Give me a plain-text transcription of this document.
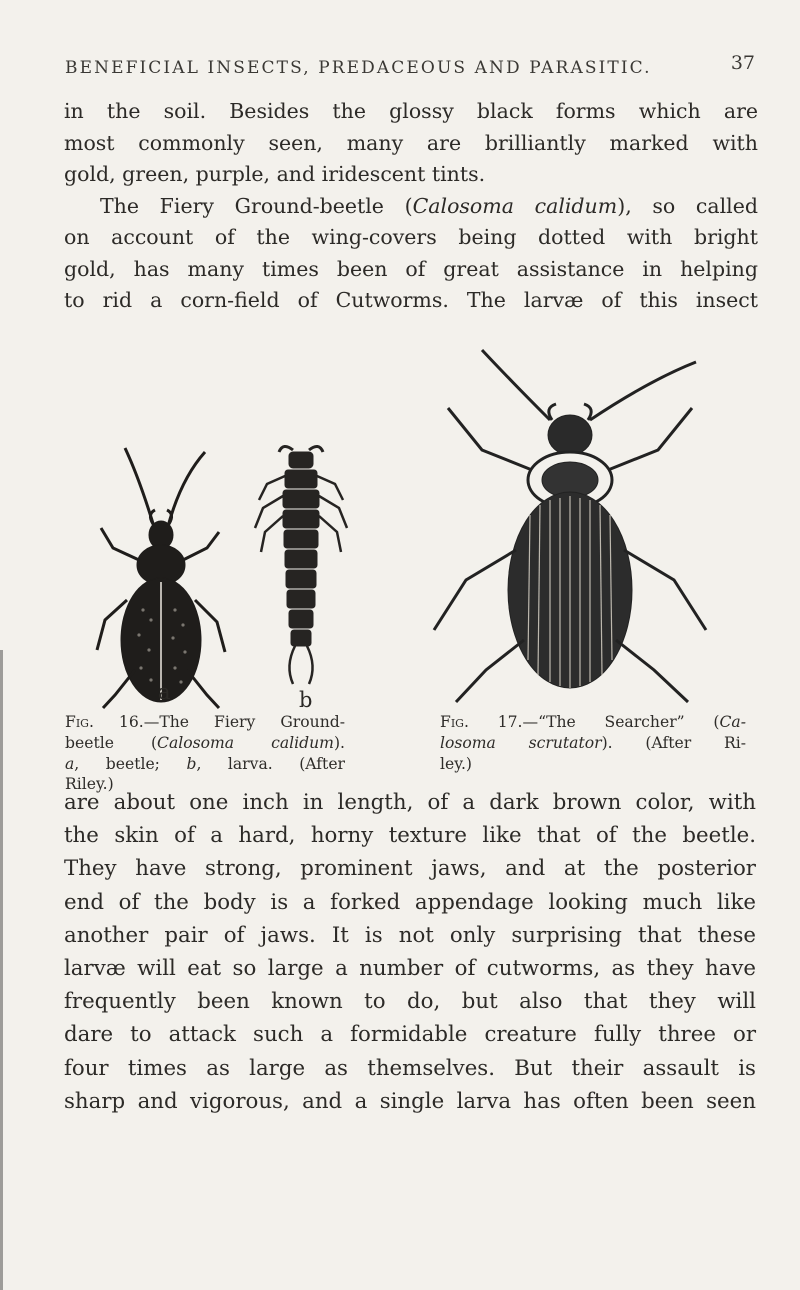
BENEFICIAL INSECTS, PREDACEOUS AND PARASITIC.	37
in the soil. Besides the glossy black forms which are
most commonly seen, many are brilliantly marked with
gold, green, purple, and iridescent tints.
The Fiery Ground-beetle (Calosoma calidum), so called
on account of the wing-covers being dotted with bright
gold, has many times been of great assistance in helping
to rid a corn-field of Cutworms. The larvæ of this insect
a	b
Fig. 16.—The Fiery Ground-
beetle (Calosoma calidum).
a, beetle; b, larva. (After
Riley.)
Fig. 17.—“The Searcher” (Ca-
losoma scrutator). (After Ri-
ley.)
are about one inch in length, of a dark brown color, with
the skin of a hard, horny texture like that of the beetle.
They have strong, prominent jaws, and at the posterior
end of the body is a forked appendage looking much like
another pair of jaws. It is not only surprising that these
larvæ will eat so large a number of cutworms, as they have
frequently been known to do, but also that they will
dare to attack such a formidable creature fully three or
four times as large as themselves. But their assault is
sharp and vigorous, and a single larva has often been seen
